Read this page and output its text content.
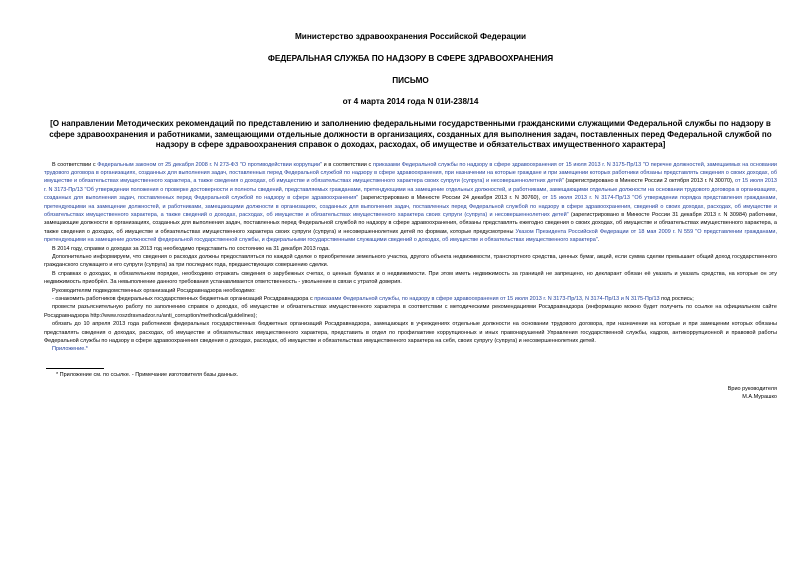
Министерство здравоохранения Российской Федерации
ФЕДЕРАЛЬНАЯ СЛУЖБА ПО НАДЗОРУ В СФЕРЕ ЗДРАВООХРАНЕНИЯ
ПИСЬМО
от 4 марта 2014 года N 01И-238/14
[О направлении Методических рекомендаций по представлению и заполнению федеральными государственными гражданскими служащими Федеральной службы по надзору в сфере здравоохранения и работниками, замещающими отдельные должности в организациях, созданных для выполнения задач, поставленных перед Федеральной службой по надзору в сфере здравоохранения справок о доходах, расходах, об имуществе и обязательствах имущественного характера]

В соответствии с Федеральным законом от 25 декабря 2008 г. N 273-ФЗ "О противодействии коррупции" и в соответствии с приказами Федеральной службы по надзору в сфере здравоохранения от 15 июля 2013 г. N 3175-Пр/13 "О перечне должностей, замещаемых на основании трудового договора в организациях, созданных для выполнения задач, поставленных перед Федеральной службой по надзору в сфере здравоохранения, при назначении на которые граждане и при замещении которых работники обязаны представлять сведения о своих доходах, об имуществе и обязательствах имущественного характера, а также сведения о доходах, об имуществе и обязательствах имущественного характера своих супруги (супруга) и несовершеннолетних детей" (зарегистрировано в Минюсте России 2 октября 2013 г. N 30070), от 15 июля 2013 г. N 3173-Пр/13 "Об утверждении положения о проверке достоверности и полноты сведений, представляемых гражданами, претендующими на замещение отдельных должностей, и работниками, замещающими отдельные должности на основании трудового договора в организациях, созданных для выполнения задач, поставленных перед Федеральной службой по надзору в сфере здравоохранения" (зарегистрировано в Минюсте России 24 декабря 2013 г. N 30760), от 15 июля 2013 г. N 3174-Пр/13 "Об утверждении порядка представления гражданами, претендующими на замещение должностей, и работниками, замещающими должности в организациях, созданных для выполнения задач, поставленных перед Федеральной службой по надзору в сфере здравоохранения, сведений о своих доходах, расходах, об имуществе и обязательствах имущественного характера, а также сведений о доходах, расходах, об имуществе и обязательствах имущественного характера своих супруги (супруга) и несовершеннолетних детей" (зарегистрировано в Минюсте России 31 декабря 2013 г. N 30984) работники, замещающие должности в организациях, созданных для выполнения задач, поставленных перед Федеральной службой по надзору в сфере здравоохранения, обязаны представлять ежегодно сведения о своих доходах, об имуществе и обязательствах имущественного характера, а также сведения о доходах, об имуществе и обязательствах имущественного характера своих супруги (супруга) и несовершеннолетних детей по формам, которые предусмотрены Указом Президента Российской Федерации от 18 мая 2009 г. N 559 "О представлении гражданами, претендующими на замещение должностей федеральной государственной службы, и федеральными государственными служащими сведений о доходах, об имуществе и обязательствах имущественного характера".

В 2014 году, справки о доходах за 2013 год необходимо представить по состоянию на 31 декабря 2013 года.

Дополнительно информируем, что сведения о расходах должны предоставляться по каждой сделке о приобретении земельного участка, другого объекта недвижимости, транспортного средства, ценных бумаг, акций, если сумма сделки превышает общий доход государственного гражданского служащего и его супруги (супруга) за три последних года, предшествующих совершению сделки.

В справках о доходах, в обязательном порядке, необходимо отражать сведения о зарубежных счетах, о ценных бумагах и о недвижимости. При этом иметь недвижимость за границей не запрещено, но декларант обязан её указать и указать средства, на которые он эту недвижимость приобрёл. За невыполнение данного требования устанавливается ответственность - увольнение в связи с утратой доверия.

Руководителям подведомственных организаций Росздравнадзора необходимо:

- ознакомить работников федеральных государственных бюджетных организаций Росздравнадзора с приказами Федеральной службы, по надзору в сфере здравоохранения от 15 июля 2013 г. N 3173-Пр/13, N 3174-Пр/13 и N 3175-Пр/13 под роспись;

провести разъяснительную работу по заполнению справок о доходах, об имуществе и обязательствах имущественного характера в соответствии с методическими рекомендациями Росздравнадзора (информацию можно будет получить по ссылке на официальном сайте Росздравнадзора http://www.roszdravnadzor.ru/anti_corruption/methodical/guidelines);

обязать до 10 апреля 2013 года работников федеральных государственных бюджетных организаций Росздравнадзора, замещающих в учреждениях отдельные должности на основании трудового договора, при назначении на которые и при замещении которых обязаны представлять сведения о доходах, расходах, об имуществе и обязательствах имущественного характера, представить в отдел по профилактике коррупционных и иных правонарушений Управления государственной службы, кадров, антикоррупционной и правовой работы Федеральной службы по надзору в сфере здравоохранения сведения о доходах, расходах, об имуществе и обязательствах имущественного характера на себя, своих супругу (супруга) и несовершеннолетних детей.

Приложение.*

* Приложение см. по ссылке. - Примечание изготовителя базы данных.
Врио руководителя
М.А.Мурашко
